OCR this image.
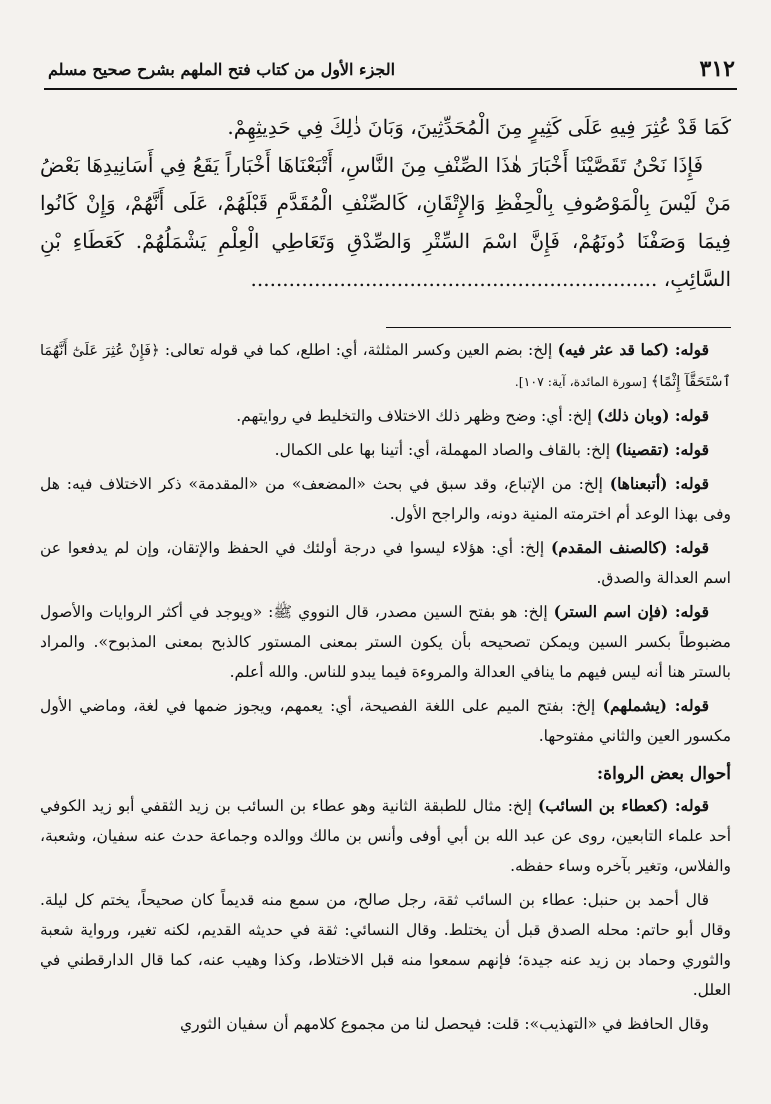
٣١٢
الجزء الأول من كتاب فتح الملهم بشرح صحيح مسلم

كَمَا قَدْ عُثِرَ فِيهِ عَلَى كَثِيرٍ مِنَ الْمُحَدِّثِينَ، وَبَانَ ذٰلِكَ فِي حَدِيثِهِمْ.

فَإِذَا نَحْنُ تَقَصَّيْنَا أَخْبَارَ هٰذَا الصِّنْفِ مِنَ النَّاسِ، أَتْبَعْنَاهَا أَخْبَاراً يَقَعُ فِي أَسَانِيدِهَا بَعْضُ مَنْ لَيْسَ بِالْمَوْصُوفِ بِالْحِفْظِ وَالإِتْقَانِ، كَالصِّنْفِ الْمُقَدَّمِ قَبْلَهُمْ، عَلَى أَنَّهُمْ، وَإِنْ كَانُوا فِيمَا وَصَفْنَا دُونَهُمْ، فَإِنَّ اسْمَ السِّتْرِ وَالصِّدْقِ وَتَعَاطِي الْعِلْمِ يَشْمَلُهُمْ. كَعَطَاءِ بْنِ السَّائِبِ، ................................................................

قوله: (كما قد عثر فيه) إلخ: بضم العين وكسر المثلثة، أي: اطلع، كما في قوله تعالى: ﴿فَإِنْ عُثِرَ عَلَىٰٓ أَنَّهُمَا ٱسْتَحَقَّآ إِثْمًا﴾ [سورة المائدة، آية: ١٠٧].

قوله: (وبان ذلك) إلخ: أي: وضح وظهر ذلك الاختلاف والتخليط في روايتهم.

قوله: (تقصينا) إلخ: بالقاف والصاد المهملة، أي: أتينا بها على الكمال.

قوله: (أتبعناها) إلخ: من الإتباع، وقد سبق في بحث «المضعف» من «المقدمة» ذكر الاختلاف فيه: هل وفى بهذا الوعد أم اخترمته المنية دونه، والراجح الأول.

قوله: (كالصنف المقدم) إلخ: أي: هؤلاء ليسوا في درجة أولئك في الحفظ والإتقان، وإن لم يدفعوا عن اسم العدالة والصدق.

قوله: (فإن اسم الستر) إلخ: هو بفتح السين مصدر، قال النووي ﷺ: «ويوجد في أكثر الروايات والأصول مضبوطاً بكسر السين ويمكن تصحيحه بأن يكون الستر بمعنى المستور كالذبح بمعنى المذبوح». والمراد بالستر هنا أنه ليس فيهم ما ينافي العدالة والمروءة فيما يبدو للناس. والله أعلم.

قوله: (يشملهم) إلخ: بفتح الميم على اللغة الفصيحة، أي: يعمهم، ويجوز ضمها في لغة، وماضي الأول مكسور العين والثاني مفتوحها.

أحوال بعض الرواة:

قوله: (كعطاء بن السائب) إلخ: مثال للطبقة الثانية وهو عطاء بن السائب بن زيد الثقفي أبو زيد الكوفي أحد علماء التابعين، روى عن عبد الله بن أبي أوفى وأنس بن مالك ووالده وجماعة حدث عنه سفيان، وشعبة، والفلاس، وتغير بآخره وساء حفظه.

قال أحمد بن حنبل: عطاء بن السائب ثقة، رجل صالح، من سمع منه قديماً كان صحيحاً، يختم كل ليلة. وقال أبو حاتم: محله الصدق قبل أن يختلط. وقال النسائي: ثقة في حديثه القديم، لكنه تغير، ورواية شعبة والثوري وحماد بن زيد عنه جيدة؛ فإنهم سمعوا منه قبل الاختلاط، وكذا وهيب عنه، كما قال الدارقطني في العلل.

وقال الحافظ في «التهذيب»: قلت: فيحصل لنا من مجموع كلامهم أن سفيان الثوري
